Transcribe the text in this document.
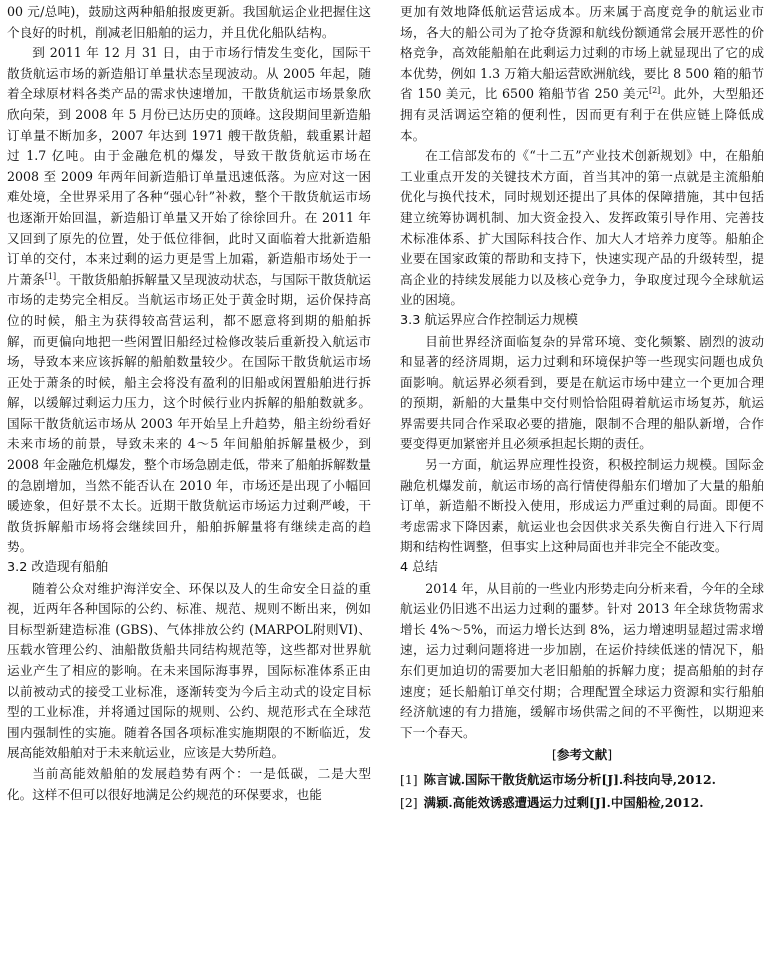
00 元/总吨)，鼓励这两种船舶报废更新。我国航运企业把握住这个良好的时机，削减老旧船舶的运力，并且优化船队结构。

到 2011 年 12 月 31 日，由于市场行情发生变化，国际干散货航运市场的新造船订单量状态呈现波动。从 2005 年起，随着全球原材料各类产品的需求快速增加，干散货航运市场景象欣欣向荣，到 2008 年 5 月份已达历史的顶峰。这段期间里新造船订单量不断加多，2007 年达到 1971 艘干散货船，载重累计超过 1.7 亿吨。由于金融危机的爆发，导致干散货航运市场在 2008 至 2009 年两年间新造船订单量迅速低落。为应对这一困难处境，全世界采用了各种“强心针”补救，整个干散货航运市场也逐渐开始回温，新造船订单量又开始了徐徐回升。在 2011 年又回到了原先的位置，处于低位徘徊，此时又面临着大批新造船订单的交付，本来过剩的运力更是雪上加霜，新造船市场处于一片萧条[1]。干散货船舶拆解量又呈现波动状态，与国际干散货航运市场的走势完全相反。当航运市场正处于黄金时期，运价保持高位的时候，船主为获得较高营运利，都不愿意将到期的船舶拆解，而更偏向地把一些闲置旧船经过检修改装后重新投入航运市场，导致本来应该拆解的船舶数量较少。在国际干散货航运市场正处于萧条的时候，船主会将没有盈利的旧船或闲置船舶进行拆解，以缓解过剩运力压力，这个时候行业内拆解的船舶数就多。国际干散货航运市场从 2003 年开始呈上升趋势，船主纷纷看好未来市场的前景，导致未来的 4～5 年间船舶拆解量极少，到 2008 年金融危机爆发，整个市场急剧走低，带来了船舶拆解数量的急剧增加，当然不能否认在 2010 年，市场还是出现了小幅回暖迹象，但好景不太长。近期干散货航运市场运力过剩严峻，干散货拆解船市场将会继续回升，船舶拆解量将有继续走高的趋势。

3.2 改造现有船舶

随着公众对维护海洋安全、环保以及人的生命安全日益的重视，近两年各种国际的公约、标准、规范、规则不断出来，例如目标型新建造标准 (GBS)、气体排放公约 (MARPOL附则VI)、压载水管理公约、油船散货船共同结构规范等，这些都对世界航运业产生了相应的影响。在未来国际海事界，国际标准体系正由以前被动式的接受工业标准，逐渐转变为今后主动式的设定目标型的工业标准，并将通过国际的规则、公约、规范形式在全球范围内强制性的实施。随着各国各项标准实施期限的不断临近，发展高能效船舶对于未来航运业，应该是大势所趋。

当前高能效船舶的发展趋势有两个：一是低碳，二是大型化。这样不但可以很好地满足公约规范的环保要求，也能

更加有效地降低航运营运成本。历来属于高度竞争的航运业市场，各大的船公司为了抢夺货源和航线份额通常会展开恶性的价格竞争，高效能船舶在此剩运力过剩的市场上就显现出了它的成本优势，例如 1.3 万箱大船运营欧洲航线，要比 8 500 箱的船节省 150 美元，比 6500 箱船节省 250 美元[2]。此外，大型船还拥有灵活调运空箱的便利性，因而更有利于在供应链上降低成本。

在工信部发布的《“十二五”产业技术创新规划》中，在船舶工业重点开发的关键技术方面，首当其冲的第一点就是主流船舶优化与换代技术，同时规划还提出了具体的保障措施，其中包括建立统筹协调机制、加大资金投入、发挥政策引导作用、完善技术标准体系、扩大国际科技合作、加大人才培养力度等。船舶企业要在国家政策的帮助和支持下，快速实现产品的升级转型，提高企业的持续发展能力以及核心竞争力，争取度过现今全球航运业的困境。

3.3 航运界应合作控制运力规模

目前世界经济面临复杂的异常环境、变化频繁、剧烈的波动和显著的经济周期，运力过剩和环境保护等一些现实问题也成负面影响。航运界必须看到，要是在航运市场中建立一个更加合理的预期，新船的大量集中交付则恰恰阻碍着航运市场复苏，航运界需要共同合作采取必要的措施，限制不合理的船队新增，合作要变得更加紧密并且必须承担起长期的责任。

另一方面，航运界应理性投资，积极控制运力规模。国际金融危机爆发前，航运市场的高行情使得船东们增加了大量的船舶订单，新造船不断投入使用，形成运力严重过剩的局面。即便不考虑需求下降因素，航运业也会因供求关系失衡自行进入下行周期和结构性调整，但事实上这种局面也并非完全不能改变。

4 总结

2014 年，从目前的一些业内形势走向分析来看，今年的全球航运业仍旧逃不出运力过剩的噩梦。针对 2013 年全球货物需求增长 4%～5%，而运力增长达到 8%，运力增速明显超过需求增速，运力过剩问题将进一步加剧，在运价持续低迷的情况下，船东们更加迫切的需要加大老旧船舶的拆解力度；提高船舶的封存速度；延长船舶订单交付期；合理配置全球运力资源和实行船舶经济航速的有力措施，缓解市场供需之间的不平衡性，以期迎来下一个春天。

[参考文献]
[1] 陈言诚.国际干散货航运市场分析[J].科技向导,2012.
[2] 满颖.高能效诱惑遭遇运力过剩[J].中国船检,2012.
